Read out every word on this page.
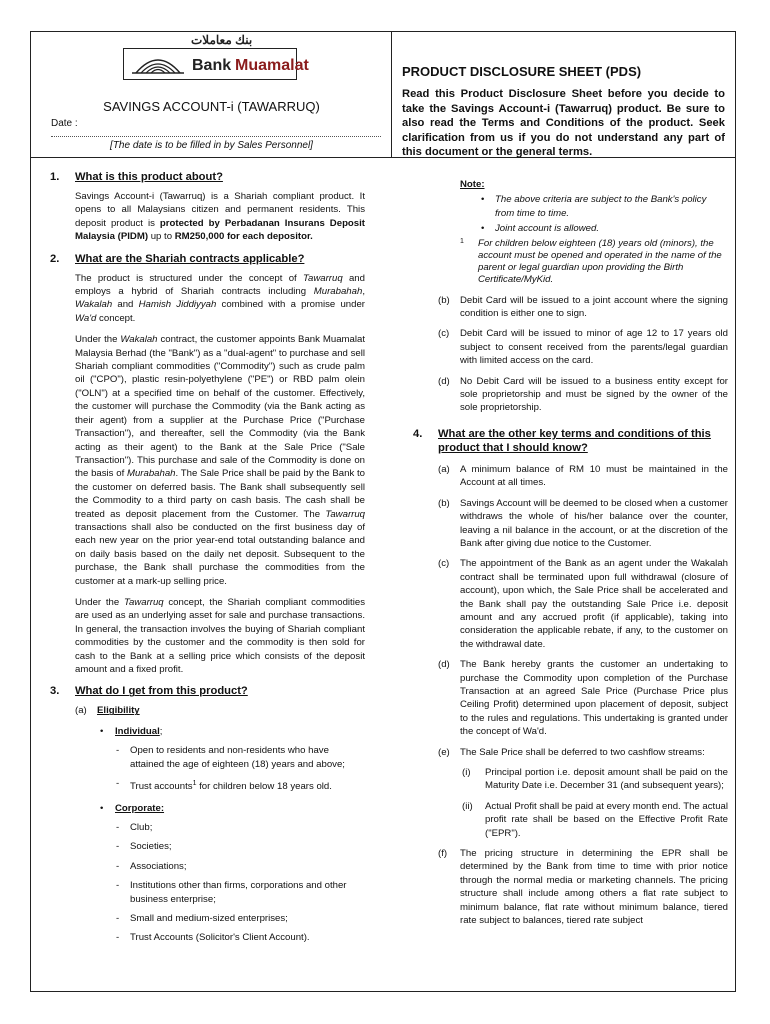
Bank Muamalat
بنك معاملات
SAVINGS ACCOUNT-i (TAWARRUQ)
Date :
[The date is to be filled in by Sales Personnel]
PRODUCT DISCLOSURE SHEET (PDS)
Read this Product Disclosure Sheet before you decide to take the Savings Account-i (Tawarruq) product. Be sure to also read the Terms and Conditions of the product. Seek clarification from us if you do not understand any part of this document or the general terms.
1. What is this product about?
Savings Account-i (Tawarruq) is a Shariah compliant product. It opens to all Malaysians citizen and permanent residents. This deposit product is protected by Perbadanan Insurans Deposit Malaysia (PIDM) up to RM250,000 for each depositor.
2. What are the Shariah contracts applicable?
The product is structured under the concept of Tawarruq and employs a hybrid of Shariah contracts including Murabahah, Wakalah and Hamish Jiddiyyah combined with a promise under Wa'd concept.
Under the Wakalah contract, the customer appoints Bank Muamalat Malaysia Berhad (the "Bank") as a "dual-agent" to purchase and sell Shariah compliant commodities ("Commodity") such as crude palm oil ("CPO"), plastic resin-polyethylene ("PE") or RBD palm olein ("OLN") at a specified time on behalf of the customer. Effectively, the customer will purchase the Commodity (via the Bank acting as their agent) from a supplier at the Purchase Price ("Purchase Transaction"), and thereafter, sell the Commodity (via the Bank acting as their agent) to the Bank at the Sale Price ("Sale Transaction"). This purchase and sale of the Commodity is done on the basis of Murabahah. The Sale Price shall be paid by the Bank to the customer on deferred basis. The Bank shall subsequently sell the Commodity to a third party on cash basis. The cash shall be treated as deposit placement from the Customer. The Tawarruq transactions shall also be conducted on the first business day of each new year on the prior year-end total outstanding balance and on daily basis based on the daily net deposit. Subsequent to the purchase, the Bank shall purchase the commodities from the customer at a mark-up selling price.
Under the Tawarruq concept, the Shariah compliant commodities are used as an underlying asset for sale and purchase transactions. In general, the transaction involves the buying of Shariah compliant commodities by the customer and the commodity is then sold for cash to the Bank at a selling price which consists of the deposit amount and a fixed profit.
3. What do I get from this product?
(a) Eligibility
• Individual;
- Open to residents and non-residents who have attained the age of eighteen (18) years and above;
- Trust accounts$^1$ for children below 18 years old.
• Corporate:
- Club;
- Societies;
- Associations;
- Institutions other than firms, corporations and other business enterprise;
- Small and medium-sized enterprises;
- Trust Accounts (Solicitor's Client Account).
Note:
• The above criteria are subject to the Bank's policy from time to time.
• Joint account is allowed.
1 For children below eighteen (18) years old (minors), the account must be opened and operated in the name of the parent or legal guardian upon providing the Birth Certificate/MyKid.
(b) Debit Card will be issued to a joint account where the signing condition is either one to sign.
(c) Debit Card will be issued to minor of age 12 to 17 years old subject to consent received from the parents/legal guardian with limited access on the card.
(d) No Debit Card will be issued to a business entity except for sole proprietorship and must be signed by the owner of the sole proprietorship.
4. What are the other key terms and conditions of this product that I should know?
(a) A minimum balance of RM 10 must be maintained in the Account at all times.
(b) Savings Account will be deemed to be closed when a customer withdraws the whole of his/her balance over the counter, leaving a nil balance in the account, or at the discretion of the Bank after giving due notice to the Customer.
(c) The appointment of the Bank as an agent under the Wakalah contract shall be terminated upon full withdrawal (closure of account), upon which, the Sale Price shall be accelerated and the Bank shall pay the outstanding Sale Price i.e. deposit amount and any accrued profit (if applicable), taking into consideration the applicable rebate, if any, to the customer on the withdrawal date.
(d) The Bank hereby grants the customer an undertaking to purchase the Commodity upon completion of the Purchase Transaction at an agreed Sale Price (Purchase Price plus Ceiling Profit) determined upon placement of deposit, subject to the rules and regulations. This undertaking is granted under the concept of Wa'd.
(e) The Sale Price shall be deferred to two cashflow streams:
(i) Principal portion i.e. deposit amount shall be paid on the Maturity Date i.e. December 31 (and subsequent years);
(ii) Actual Profit shall be paid at every month end. The actual profit rate shall be based on the Effective Profit Rate ("EPR").
(f) The pricing structure in determining the EPR shall be determined by the Bank from time to time with prior notice through the normal media or marketing channels. The pricing structure shall include among others a flat rate subject to minimum balance, flat rate without minimum balance, tiered rate subject to balances, tiered rate subject
